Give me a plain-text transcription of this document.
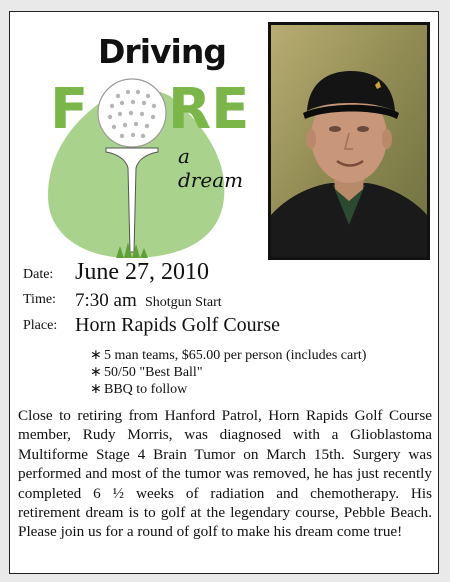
Driving
F RE
a dream
Date: June 27, 2010
Time: 7:30 am Shotgun Start
Place: Horn Rapids Golf Course
∗ 5 man teams, $65.00 per person (includes cart)
∗ 50/50 "Best Ball"
∗ BBQ to follow

Close to retiring from Hanford Patrol, Horn Rapids Golf Course member, Rudy Morris, was diagnosed with a Glioblastoma Multiforme Stage 4 Brain Tumor on March 15th. Surgery was performed and most of the tumor was removed, he has just recently completed 6 ½ weeks of radiation and chemotherapy. His retirement dream is to golf at the legendary course, Pebble Beach. Please join us for a round of golf to make his dream come true!
